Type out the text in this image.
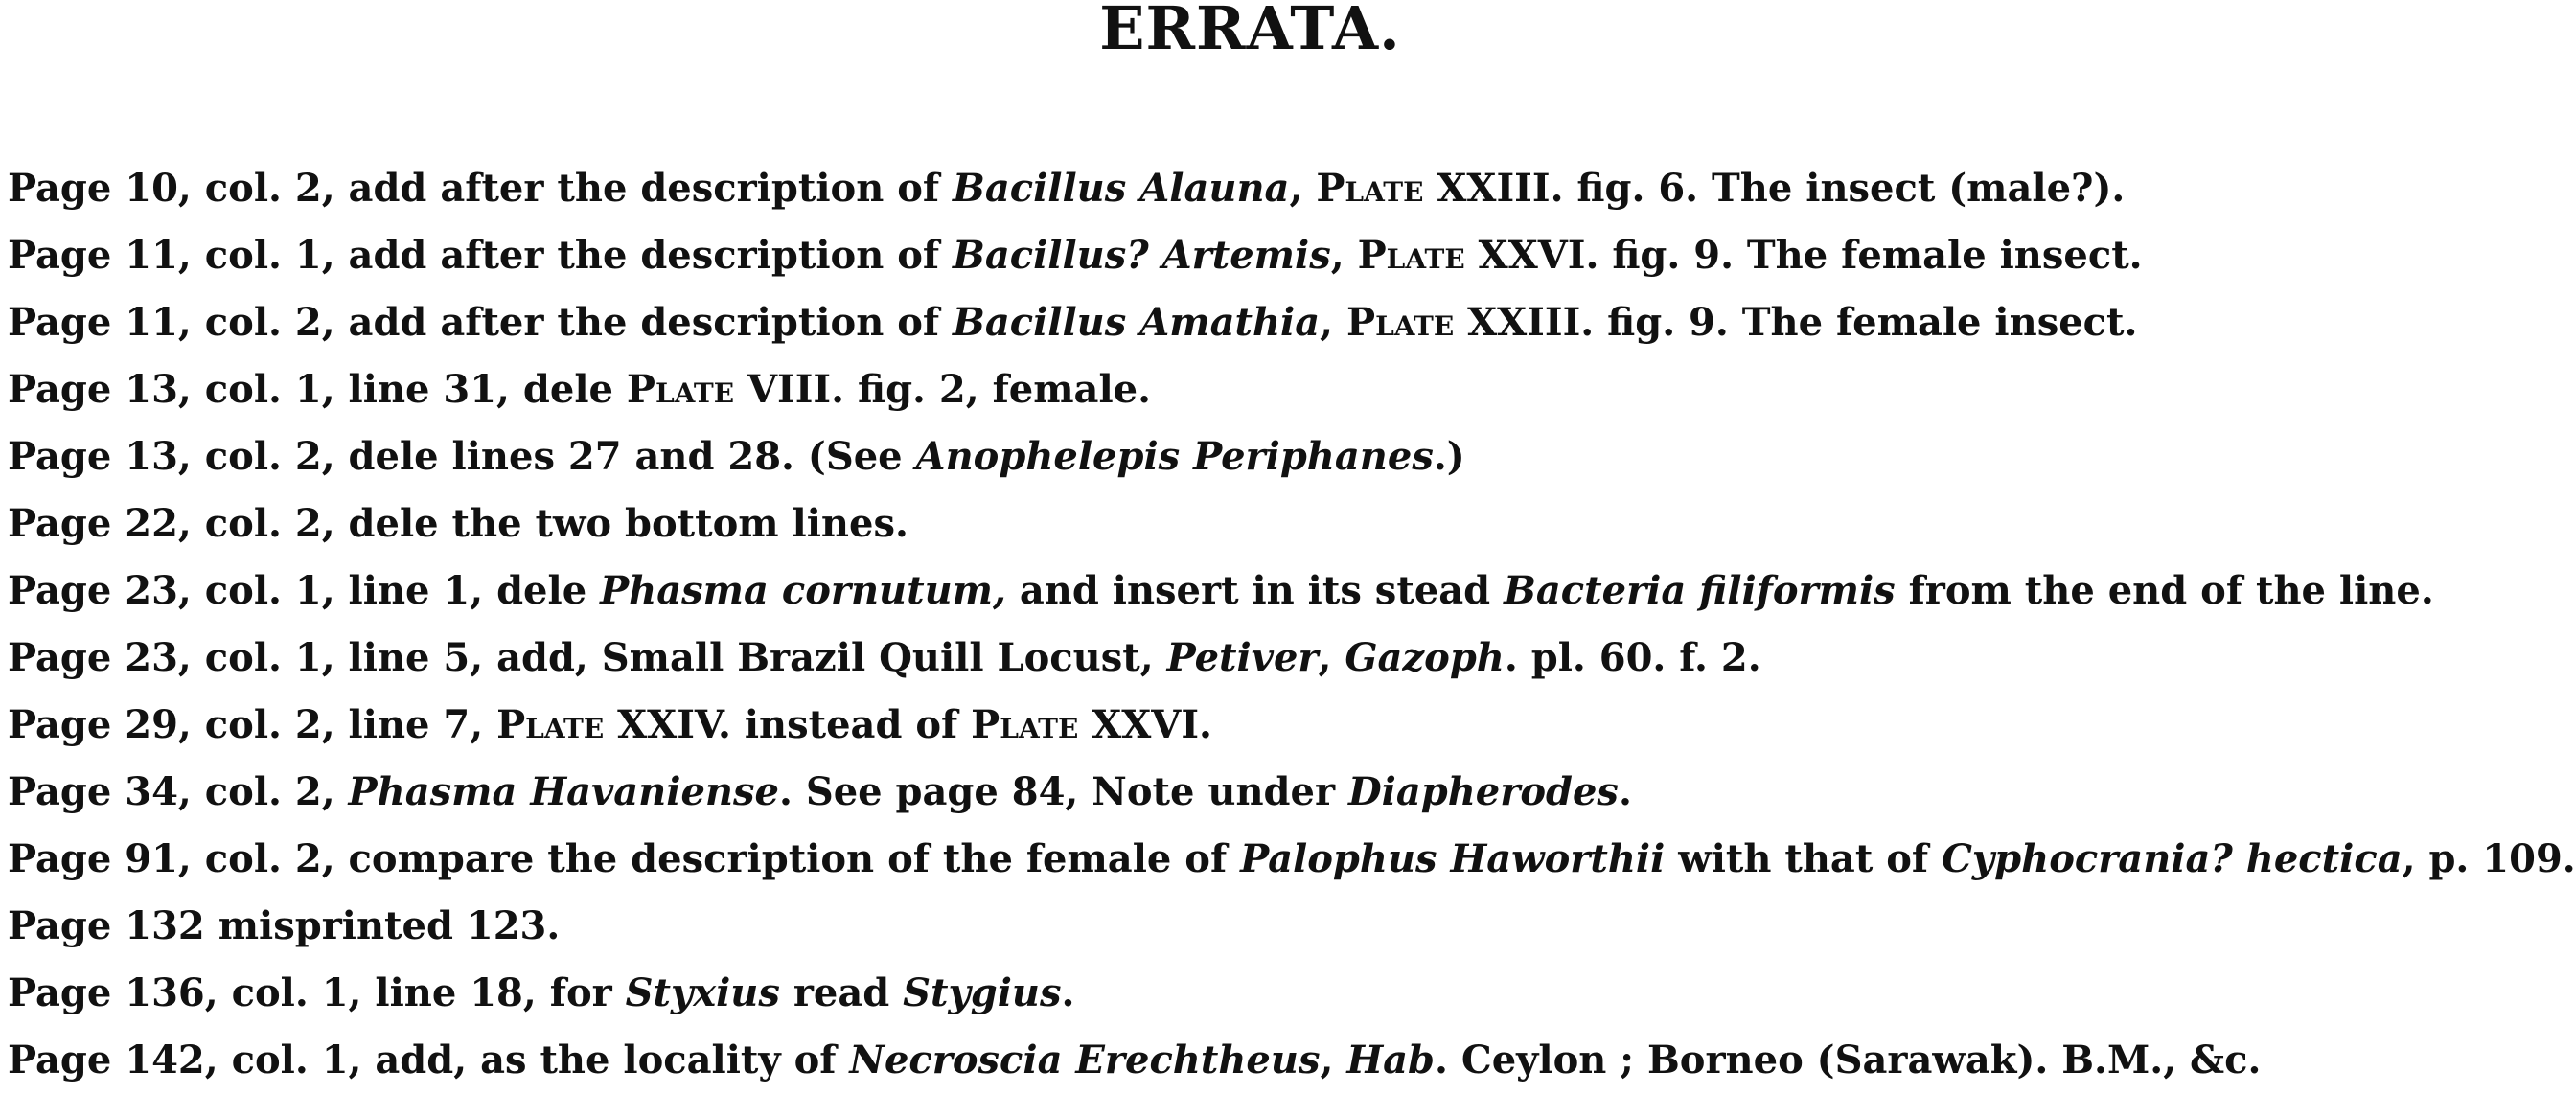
ERRATA.
Page 10, col. 2, add after the description of Bacillus Alauna, Plate XXIII. fig. 6. The insect (male?).
Page 11, col. 1, add after the description of Bacillus? Artemis, Plate XXVI. fig. 9. The female insect.
Page 11, col. 2, add after the description of Bacillus Amathia, Plate XXIII. fig. 9. The female insect.
Page 13, col. 1, line 31, dele Plate VIII. fig. 2, female.
Page 13, col. 2, dele lines 27 and 28. (See Anophelepis Periphanes.)
Page 22, col. 2, dele the two bottom lines.
Page 23, col. 1, line 1, dele Phasma cornutum, and insert in its stead Bacteria filiformis from the end of the line.
Page 23, col. 1, line 5, add, Small Brazil Quill Locust, Petiver, Gazoph. pl. 60. f. 2.
Page 29, col. 2, line 7, Plate XXIV. instead of Plate XXVI.
Page 34, col. 2, Phasma Havaniense. See page 84, Note under Diapherodes.
Page 91, col. 2, compare the description of the female of Palophus Haworthii with that of Cyphocrania? hectica, p. 109.
Page 132 misprinted 123.
Page 136, col. 1, line 18, for Styxius read Stygius.
Page 142, col. 1, add, as the locality of Necroscia Erechtheus, Hab. Ceylon ; Borneo (Sarawak). B.M., &c.
